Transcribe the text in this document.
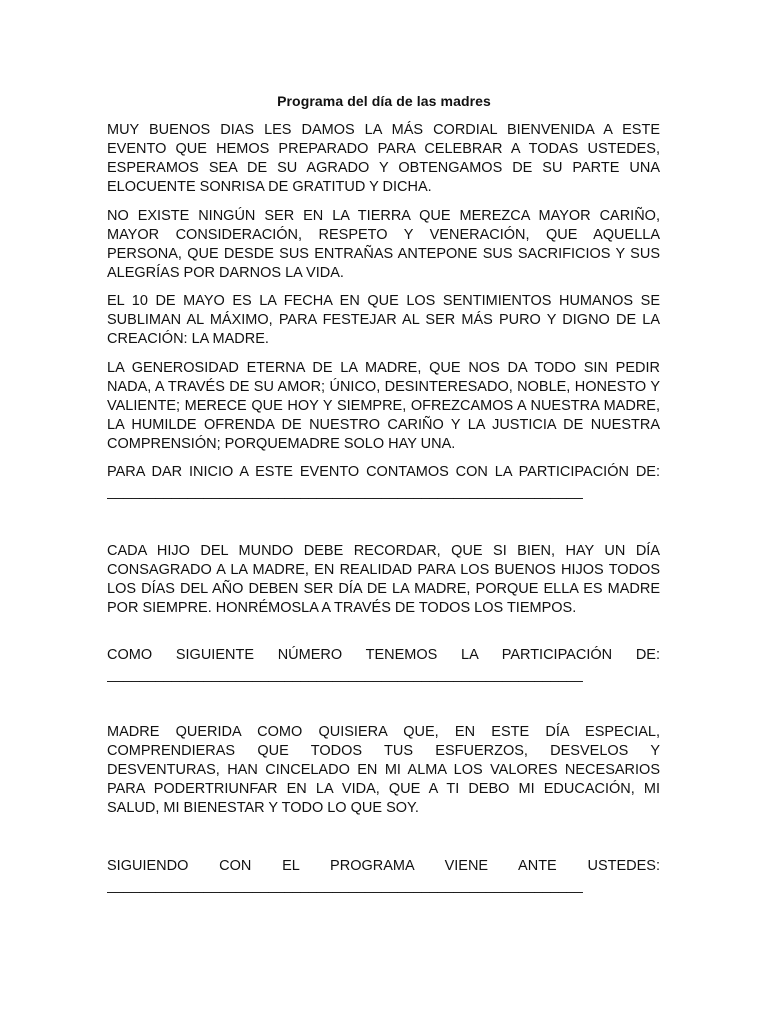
Programa del día de las madres

MUY BUENOS DIAS LES DAMOS LA MÁS CORDIAL BIENVENIDA A ESTE EVENTO QUE HEMOS PREPARADO PARA CELEBRAR A TODAS USTEDES, ESPERAMOS SEA DE SU AGRADO Y OBTENGAMOS DE SU PARTE UNA ELOCUENTE SONRISA DE GRATITUD Y DICHA.

NO EXISTE NINGÚN SER EN LA TIERRA QUE MEREZCA MAYOR CARIÑO, MAYOR CONSIDERACIÓN, RESPETO Y VENERACIÓN, QUE AQUELLA PERSONA, QUE DESDE SUS ENTRAÑAS ANTEPONE SUS SACRIFICIOS Y SUS ALEGRÍAS POR DARNOS LA VIDA.

EL 10 DE MAYO ES LA FECHA EN QUE LOS SENTIMIENTOS HUMANOS SE SUBLIMAN AL MÁXIMO, PARA FESTEJAR AL SER MÁS PURO Y DIGNO DE LA CREACIÓN: LA MADRE.

LA GENEROSIDAD ETERNA DE LA MADRE, QUE NOS DA TODO SIN PEDIR NADA, A TRAVÉS DE SU AMOR; ÚNICO, DESINTERESADO, NOBLE, HONESTO Y VALIENTE; MERECE QUE HOY Y SIEMPRE, OFREZCAMOS A NUESTRA MADRE, LA HUMILDE OFRENDA DE NUESTRO CARIÑO Y LA JUSTICIA DE NUESTRA COMPRENSIÓN; PORQUEMADRE SOLO HAY UNA.

PARA DAR INICIO A ESTE EVENTO CONTAMOS CON LA PARTICIPACIÓN DE:

___________________________________________________________

CADA HIJO DEL MUNDO DEBE RECORDAR, QUE SI BIEN, HAY UN DÍA CONSAGRADO A LA MADRE, EN REALIDAD PARA LOS BUENOS HIJOS TODOS LOS DÍAS DEL AÑO DEBEN SER DÍA DE LA MADRE, PORQUE ELLA ES MADRE POR SIEMPRE. HONRÉMOSLA A TRAVÉS DE TODOS LOS TIEMPOS.

COMO SIGUIENTE NÚMERO TENEMOS LA PARTICIPACIÓN DE:

___________________________________________________________

MADRE QUERIDA COMO QUISIERA QUE, EN ESTE DÍA ESPECIAL, COMPRENDIERAS QUE TODOS TUS ESFUERZOS, DESVELOS Y DESVENTURAS, HAN CINCELADO EN MI ALMA LOS VALORES NECESARIOS PARA PODERTRIUNFAR EN LA VIDA, QUE A TI DEBO MI EDUCACIÓN, MI SALUD, MI BIENESTAR Y TODO LO QUE SOY.

SIGUIENDO CON EL PROGRAMA VIENE ANTE USTEDES:

___________________________________________________________
